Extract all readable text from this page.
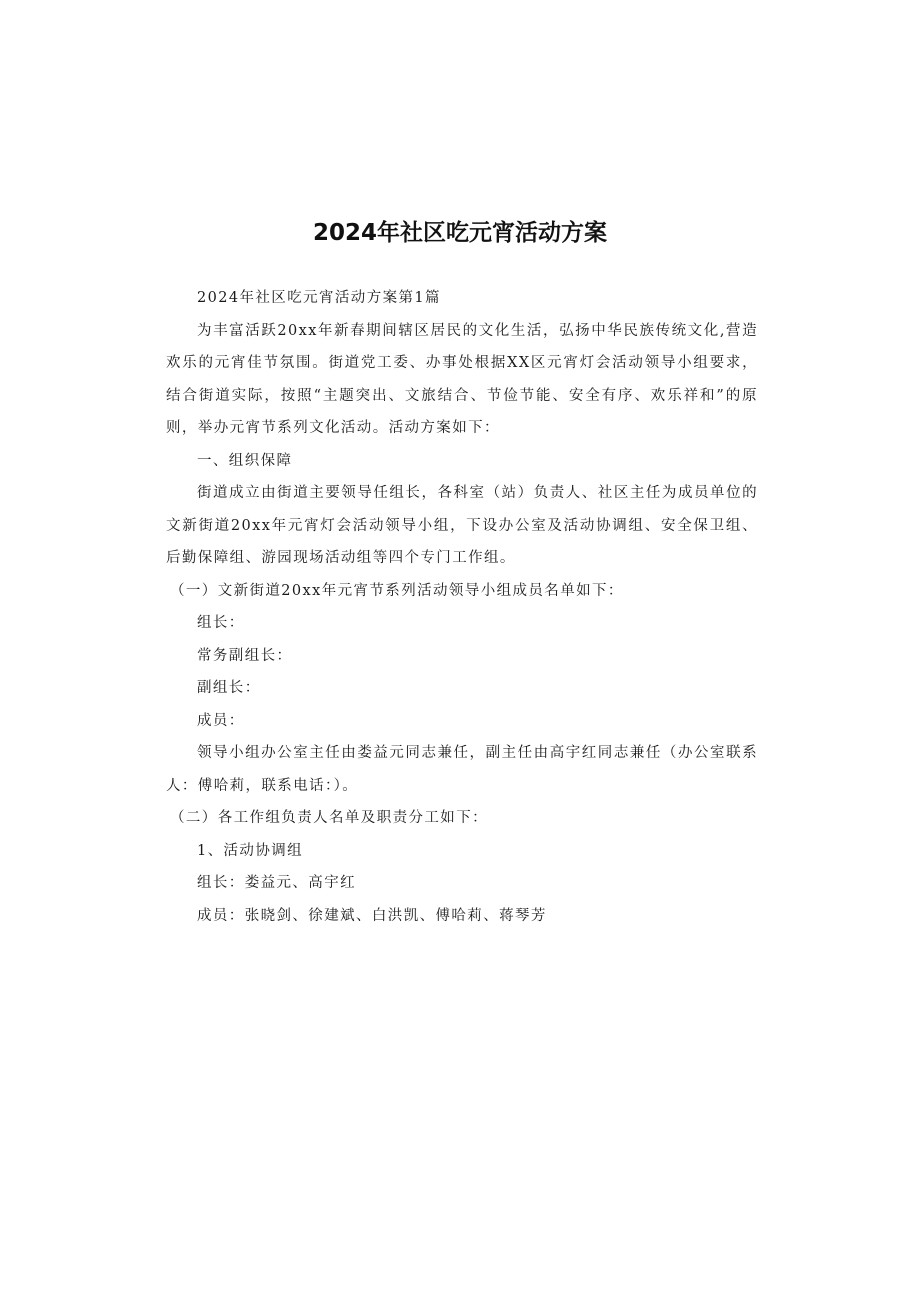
2024年社区吃元宵活动方案

2024年社区吃元宵活动方案第1篇

为丰富活跃20xx年新春期间辖区居民的文化生活，弘扬中华民族传统文化,营造欢乐的元宵佳节氛围。街道党工委、办事处根据XX区元宵灯会活动领导小组要求，结合街道实际，按照“主题突出、文旅结合、节俭节能、安全有序、欢乐祥和”的原则，举办元宵节系列文化活动。活动方案如下：

一、组织保障

街道成立由街道主要领导任组长，各科室（站）负责人、社区主任为成员单位的文新街道20xx年元宵灯会活动领导小组，下设办公室及活动协调组、安全保卫组、后勤保障组、游园现场活动组等四个专门工作组。

（一）文新街道20xx年元宵节系列活动领导小组成员名单如下：

组长：

常务副组长：

副组长：

成员：

领导小组办公室主任由娄益元同志兼任，副主任由高宇红同志兼任（办公室联系人：傅哈莉，联系电话：）。

（二）各工作组负责人名单及职责分工如下：

1、活动协调组

组长：娄益元、高宇红

成员：张晓剑、徐建斌、白洪凯、傅哈莉、蒋琴芳
